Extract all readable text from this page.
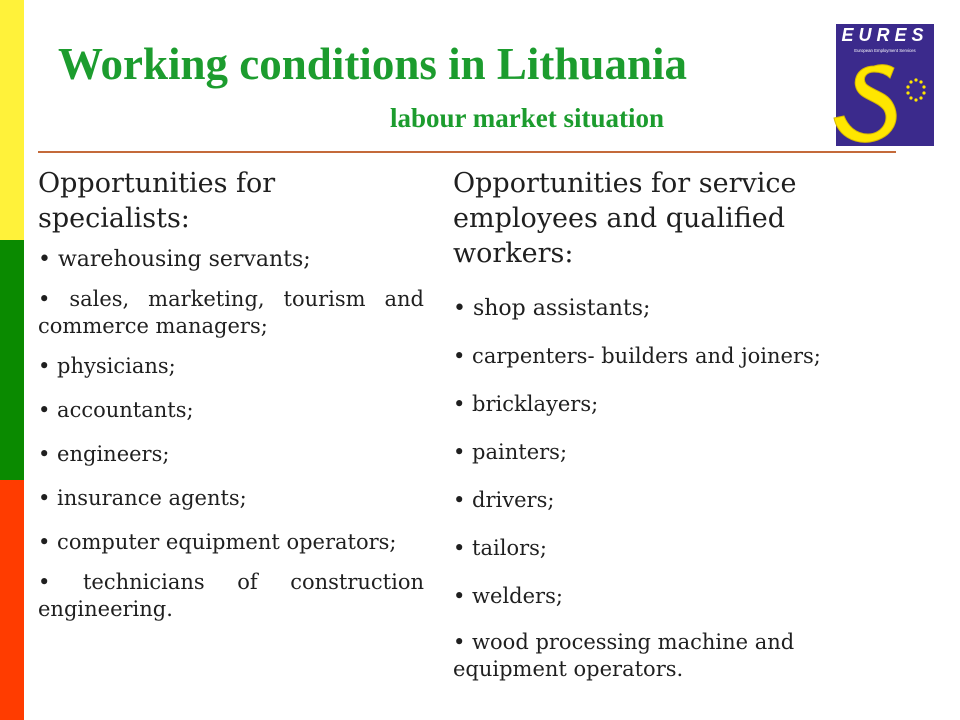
Working conditions in Lithuania
labour market situation
EURES
European Employment Services

Opportunities for specialists:

• warehousing servants;

• sales, marketing, tourism and commerce managers;

• physicians;

• accountants;

• engineers;

• insurance agents;

• computer equipment operators;

• technicians of construction engineering.

Opportunities for service employees and qualified workers:

• shop assistants;

• carpenters- builders and joiners;

• bricklayers;

• painters;

• drivers;

• tailors;

• welders;

• wood processing machine and equipment operators.
